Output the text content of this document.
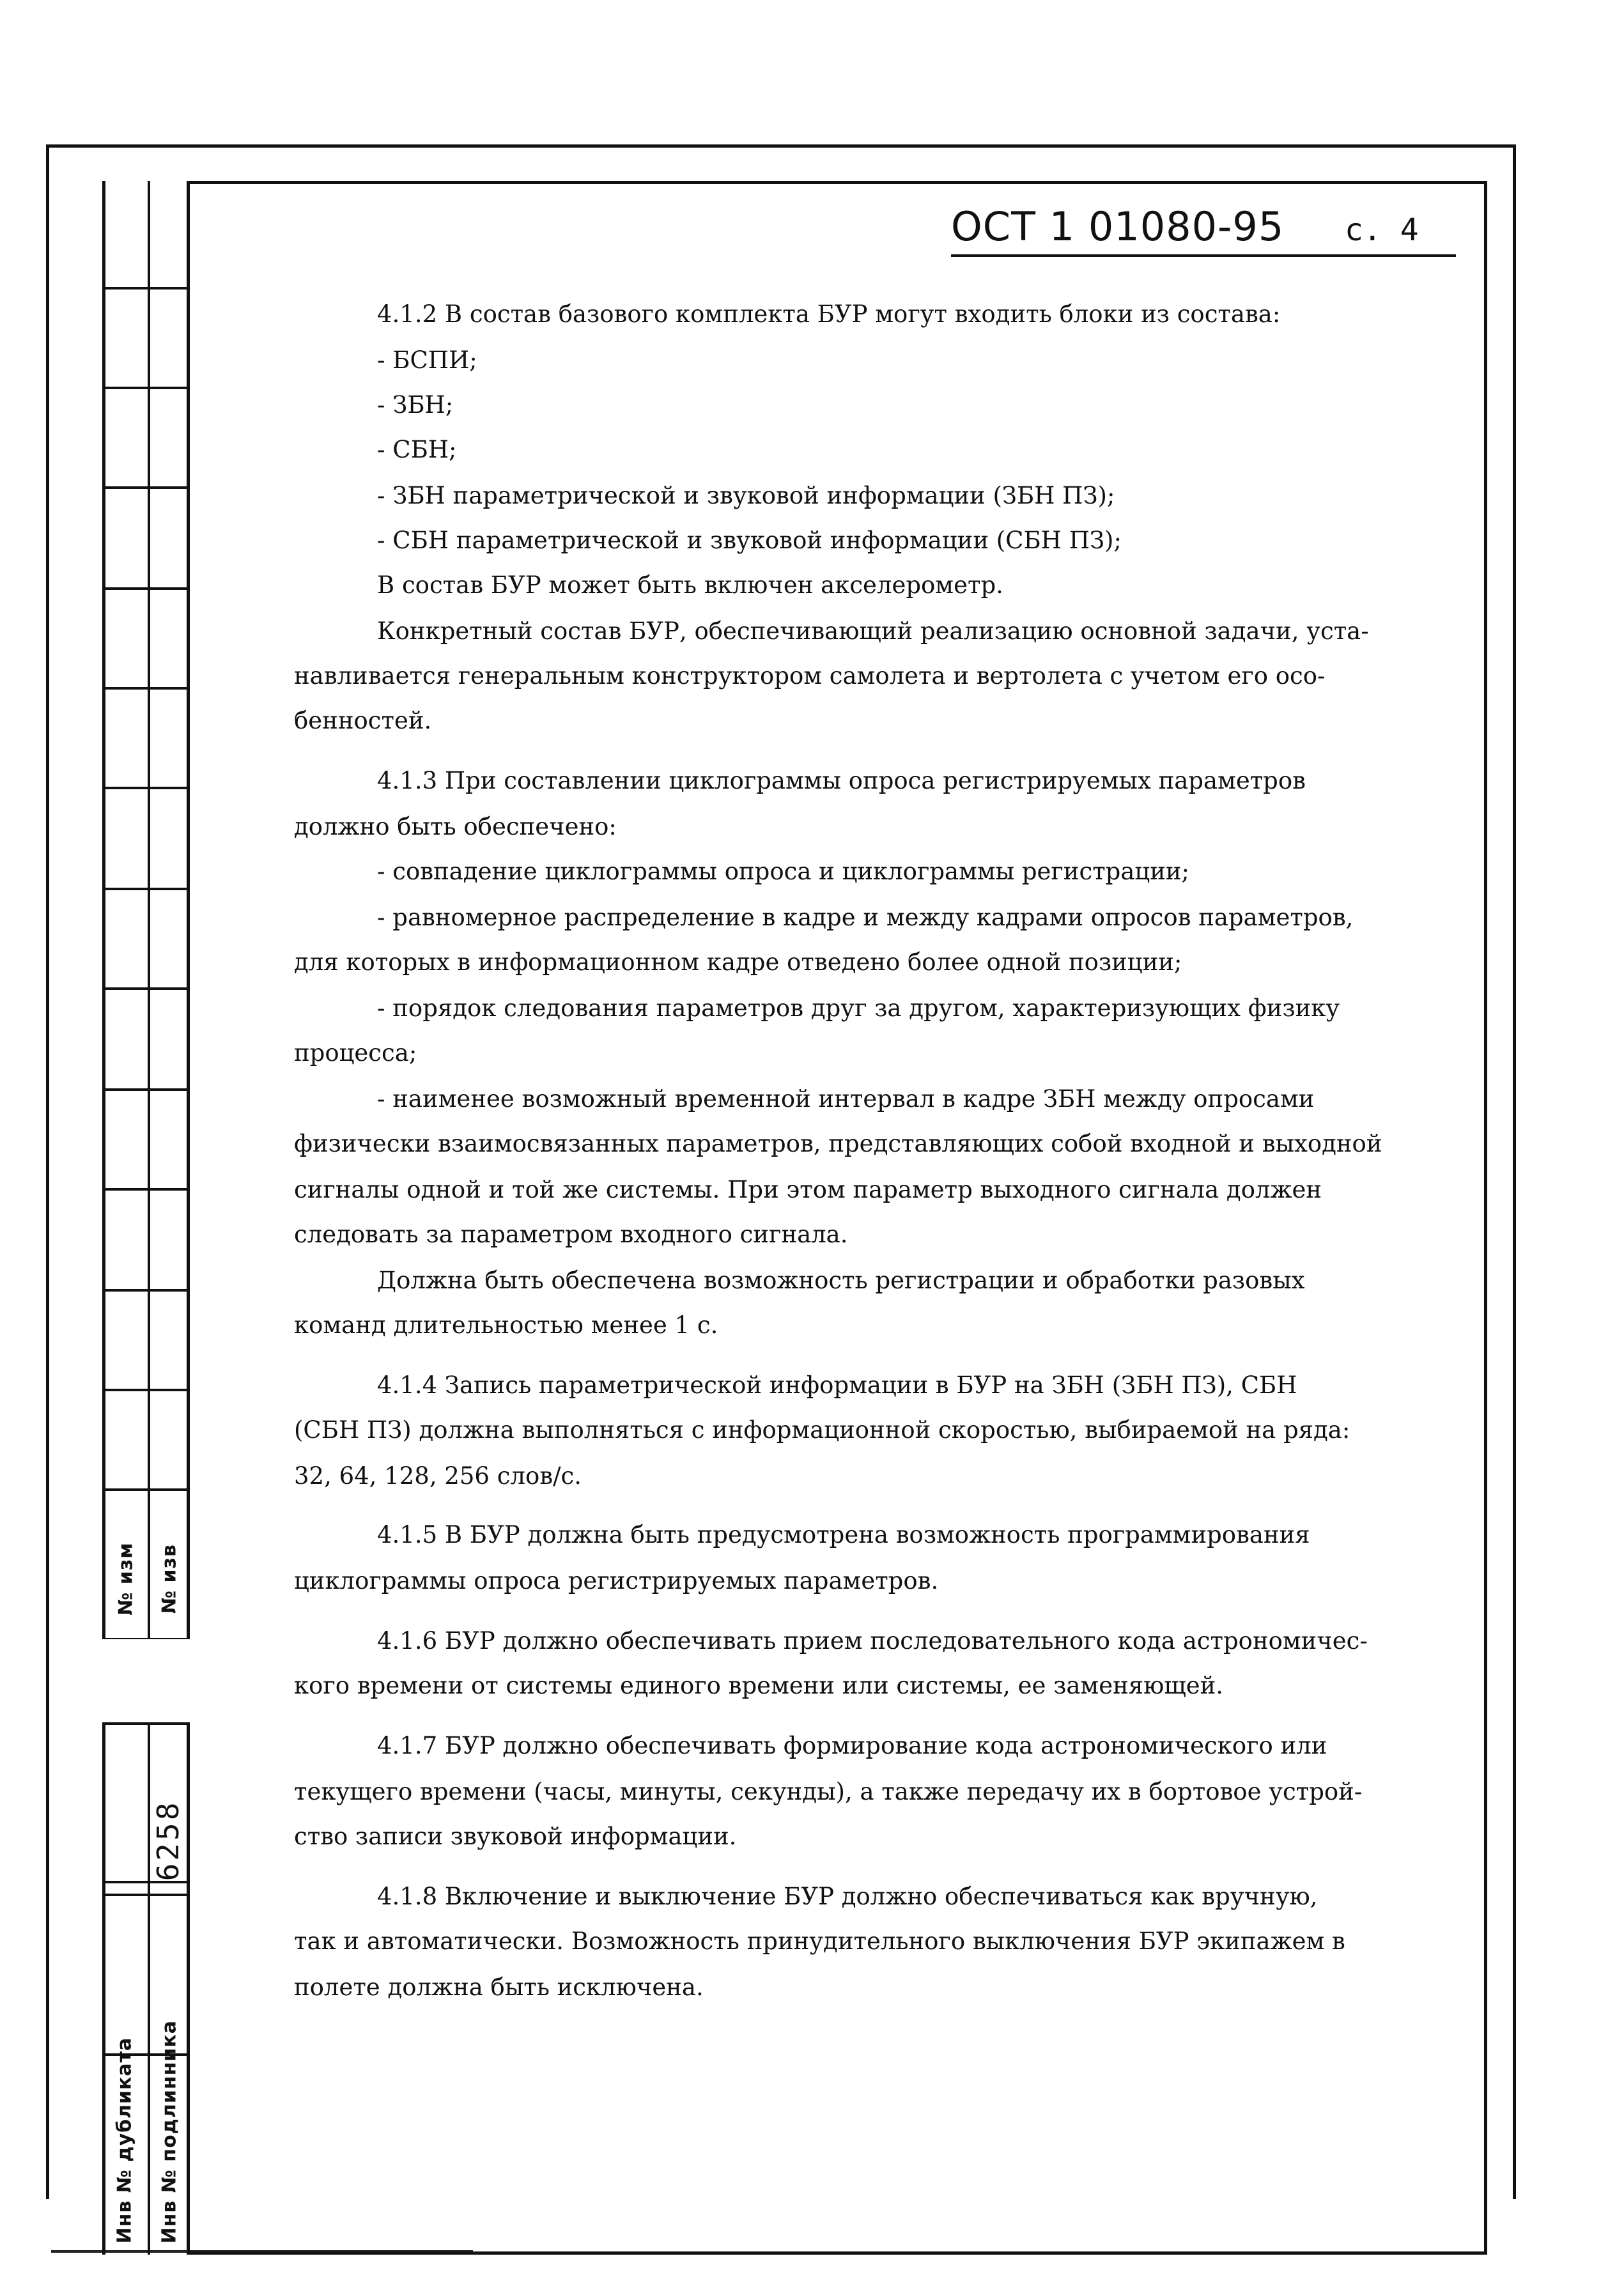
№ изм № изв
6258
Инв № дубликата Инв № подлинника
ОСТ 1 01080-95 с. 4
4.1.2 В состав базового комплекта БУР могут входить блоки из состава:
- БСПИ;
- ЗБН;
- СБН;
- ЗБН параметрической и звуковой информации (ЗБН ПЗ);
- СБН параметрической и звуковой информации (СБН ПЗ);
В состав БУР может быть включен акселерометр.
Конкретный состав БУР, обеспечивающий реализацию основной задачи, уста-
навливается генеральным конструктором самолета и вертолета с учетом его осо-
бенностей.
4.1.3 При составлении циклограммы опроса регистрируемых параметров
должно быть обеспечено:
- совпадение циклограммы опроса и циклограммы регистрации;
- равномерное распределение в кадре и между кадрами опросов параметров,
для которых в информационном кадре отведено более одной позиции;
- порядок следования параметров друг за другом, характеризующих физику
процесса;
- наименее возможный временной интервал в кадре ЗБН между опросами
физически взаимосвязанных параметров, представляющих собой входной и выходной
сигналы одной и той же системы. При этом параметр выходного сигнала должен
следовать за параметром входного сигнала.
Должна быть обеспечена возможность регистрации и обработки разовых
команд длительностью менее 1 с.
4.1.4 Запись параметрической информации в БУР на ЗБН (ЗБН ПЗ), СБН
(СБН ПЗ) должна выполняться с информационной скоростью, выбираемой на ряда:
32, 64, 128, 256 слов/с.
4.1.5 В БУР должна быть предусмотрена возможность программирования
циклограммы опроса регистрируемых параметров.
4.1.6 БУР должно обеспечивать прием последовательного кода астрономичес-
кого времени от системы единого времени или системы, ее заменяющей.
4.1.7 БУР должно обеспечивать формирование кода астрономического или
текущего времени (часы, минуты, секунды), а также передачу их в бортовое устрой-
ство записи звуковой информации.
4.1.8 Включение и выключение БУР должно обеспечиваться как вручную,
так и автоматически. Возможность принудительного выключения БУР экипажем в
полете должна быть исключена.
